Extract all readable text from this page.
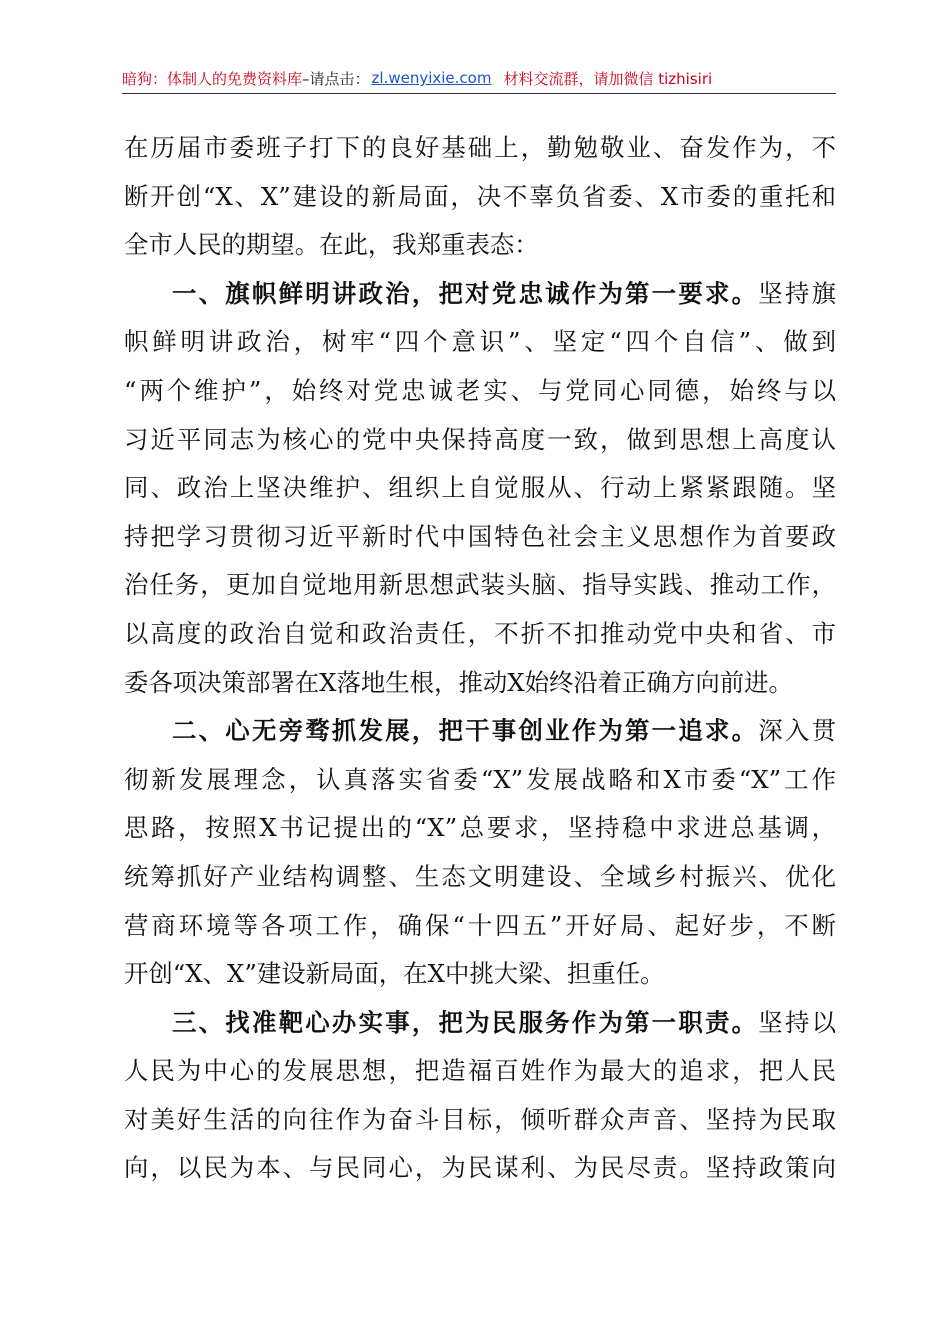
暗狗：体制人的免费资料库 –请点击： zl.wenyixie.com 材料交流群，请加微信 tizhisiri
在历届市委班子打下的良好基础上，勤勉敬业、奋发作为，不
断开创“X、X”建设的新局面，决不辜负省委、X市委的重托和
全市人民的期望。在此，我郑重表态：
一、旗帜鲜明讲政治，把对党忠诚作为第一要求。坚持旗
帜鲜明讲政治，树牢“四个意识”、坚定“四个自信”、做到
“两个维护”，始终对党忠诚老实、与党同心同德，始终与以
习近平同志为核心的党中央保持高度一致，做到思想上高度认
同、政治上坚决维护、组织上自觉服从、行动上紧紧跟随。坚
持把学习贯彻习近平新时代中国特色社会主义思想作为首要政
治任务，更加自觉地用新思想武装头脑、指导实践、推动工作，
以高度的政治自觉和政治责任，不折不扣推动党中央和省、市
委各项决策部署在X落地生根，推动X始终沿着正确方向前进。
二、心无旁骛抓发展，把干事创业作为第一追求。深入贯
彻新发展理念，认真落实省委“X”发展战略和X市委“X”工作
思路，按照X书记提出的“X”总要求，坚持稳中求进总基调，
统筹抓好产业结构调整、生态文明建设、全域乡村振兴、优化
营商环境等各项工作，确保“十四五”开好局、起好步，不断
开创“X、X”建设新局面，在X中挑大梁、担重任。
三、找准靶心办实事，把为民服务作为第一职责。坚持以
人民为中心的发展思想，把造福百姓作为最大的追求，把人民
对美好生活的向往作为奋斗目标，倾听群众声音、坚持为民取
向，以民为本、与民同心，为民谋利、为民尽责。坚持政策向
